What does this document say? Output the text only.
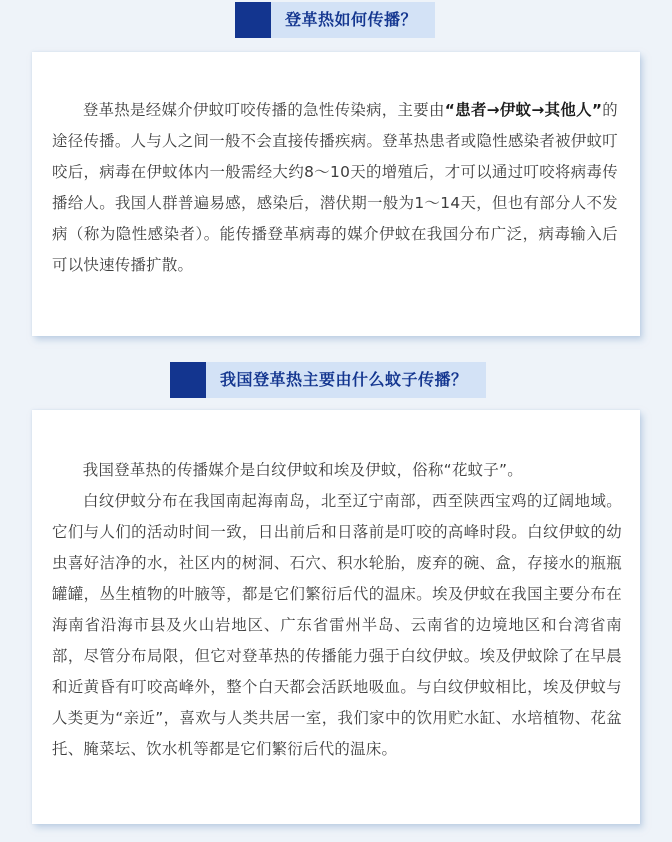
登革热如何传播？

登革热是经媒介伊蚊叮咬传播的急性传染病，主要由“患者→伊蚊→其他人”的途径传播。人与人之间一般不会直接传播疾病。登革热患者或隐性感染者被伊蚊叮咬后，病毒在伊蚊体内一般需经大约8～10天的增殖后，才可以通过叮咬将病毒传播给人。我国人群普遍易感，感染后，潜伏期一般为1～14天，但也有部分人不发病（称为隐性感染者）。能传播登革病毒的媒介伊蚊在我国分布广泛，病毒输入后可以快速传播扩散。

我国登革热主要由什么蚊子传播？

我国登革热的传播媒介是白纹伊蚊和埃及伊蚊，俗称“花蚊子”。

白纹伊蚊分布在我国南起海南岛，北至辽宁南部，西至陕西宝鸡的辽阔地域。它们与人们的活动时间一致，日出前后和日落前是叮咬的高峰时段。白纹伊蚊的幼虫喜好洁净的水，社区内的树洞、石穴、积水轮胎，废弃的碗、盒，存接水的瓶瓶罐罐，丛生植物的叶腋等，都是它们繁衍后代的温床。埃及伊蚊在我国主要分布在海南省沿海市县及火山岩地区、广东省雷州半岛、云南省的边境地区和台湾省南部，尽管分布局限，但它对登革热的传播能力强于白纹伊蚊。埃及伊蚊除了在早晨和近黄昏有叮咬高峰外，整个白天都会活跃地吸血。与白纹伊蚊相比，埃及伊蚊与人类更为“亲近”，喜欢与人类共居一室，我们家中的饮用贮水缸、水培植物、花盆托、腌菜坛、饮水机等都是它们繁衍后代的温床。
